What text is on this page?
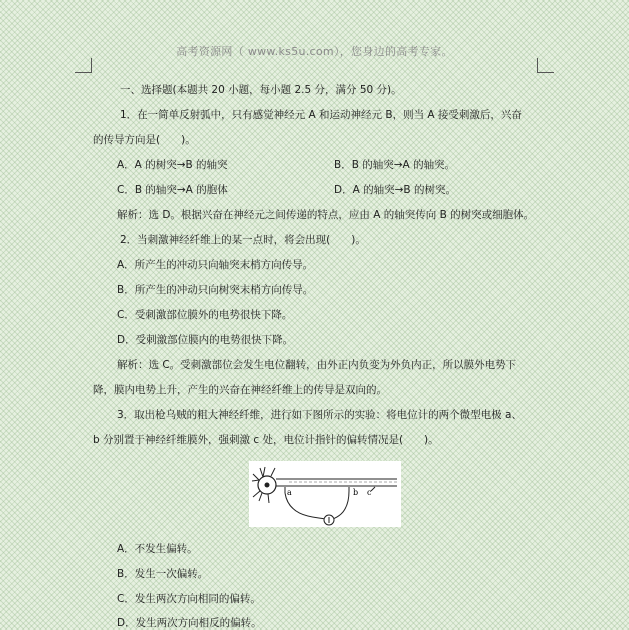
高考资源网（ www.ks5u.com），您身边的高考专家。
一、选择题(本题共 20 小题，每小题 2.5 分，满分 50 分)。
1．在一简单反射弧中，只有感觉神经元 A 和运动神经元 B，则当 A 接受刺激后，兴奋
的传导方向是(　　)。
A．A 的树突→B 的轴突	B．B 的轴突→A 的轴突。
C．B 的轴突→A 的胞体	D．A 的轴突→B 的树突。
解析：选 D。根据兴奋在神经元之间传递的特点，应由 A 的轴突传向 B 的树突或细胞体。
2．当刺激神经纤维上的某一点时，将会出现(　　)。
A．所产生的冲动只向轴突末梢方向传导。
B．所产生的冲动只向树突末梢方向传导。
C．受刺激部位膜外的电势很快下降。
D．受刺激部位膜内的电势很快下降。
解析：选 C。受刺激部位会发生电位翻转，由外正内负变为外负内正，所以膜外电势下
降，膜内电势上升，产生的兴奋在神经纤维上的传导是双向的。
3．取出枪乌贼的粗大神经纤维，进行如下图所示的实验：将电位计的两个微型电极 a、
b 分别置于神经纤维膜外，强刺激 c 处，电位计指针的偏转情况是(　　)。
a	b c
A．不发生偏转。
B．发生一次偏转。
C．发生两次方向相同的偏转。
D．发生两次方向相反的偏转。
